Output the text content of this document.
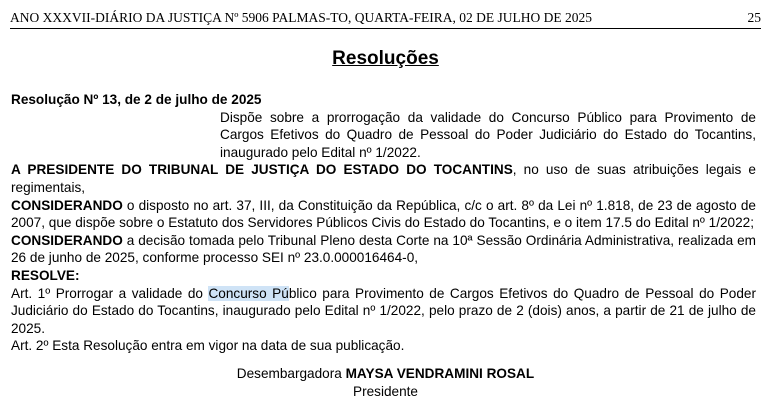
ANO XXXVII-DIÁRIO DA JUSTIÇA Nº 5906 PALMAS-TO, QUARTA-FEIRA, 02 DE JULHO DE 2025	25
Resoluções

Resolução Nº 13, de 2 de julho de 2025

Dispõe sobre a prorrogação da validade do Concurso Público para Provimento de Cargos Efetivos do Quadro de Pessoal do Poder Judiciário do Estado do Tocantins, inaugurado pelo Edital nº 1/2022.

A PRESIDENTE DO TRIBUNAL DE JUSTIÇA DO ESTADO DO TOCANTINS, no uso de suas atribuições legais e regimentais,

CONSIDERANDO o disposto no art. 37, III, da Constituição da República, c/c o art. 8º da Lei nº 1.818, de 23 de agosto de 2007, que dispõe sobre o Estatuto dos Servidores Públicos Civis do Estado do Tocantins, e o item 17.5 do Edital nº 1/2022;

CONSIDERANDO a decisão tomada pelo Tribunal Pleno desta Corte na 10ª Sessão Ordinária Administrativa, realizada em 26 de junho de 2025, conforme processo SEI nº 23.0.000016464-0,

RESOLVE:

Art. 1º Prorrogar a validade do Concurso Público para Provimento de Cargos Efetivos do Quadro de Pessoal do Poder Judiciário do Estado do Tocantins, inaugurado pelo Edital nº 1/2022, pelo prazo de 2 (dois) anos, a partir de 21 de julho de 2025.

Art. 2º Esta Resolução entra em vigor na data de sua publicação.

Desembargadora MAYSA VENDRAMINI ROSAL
Presidente
